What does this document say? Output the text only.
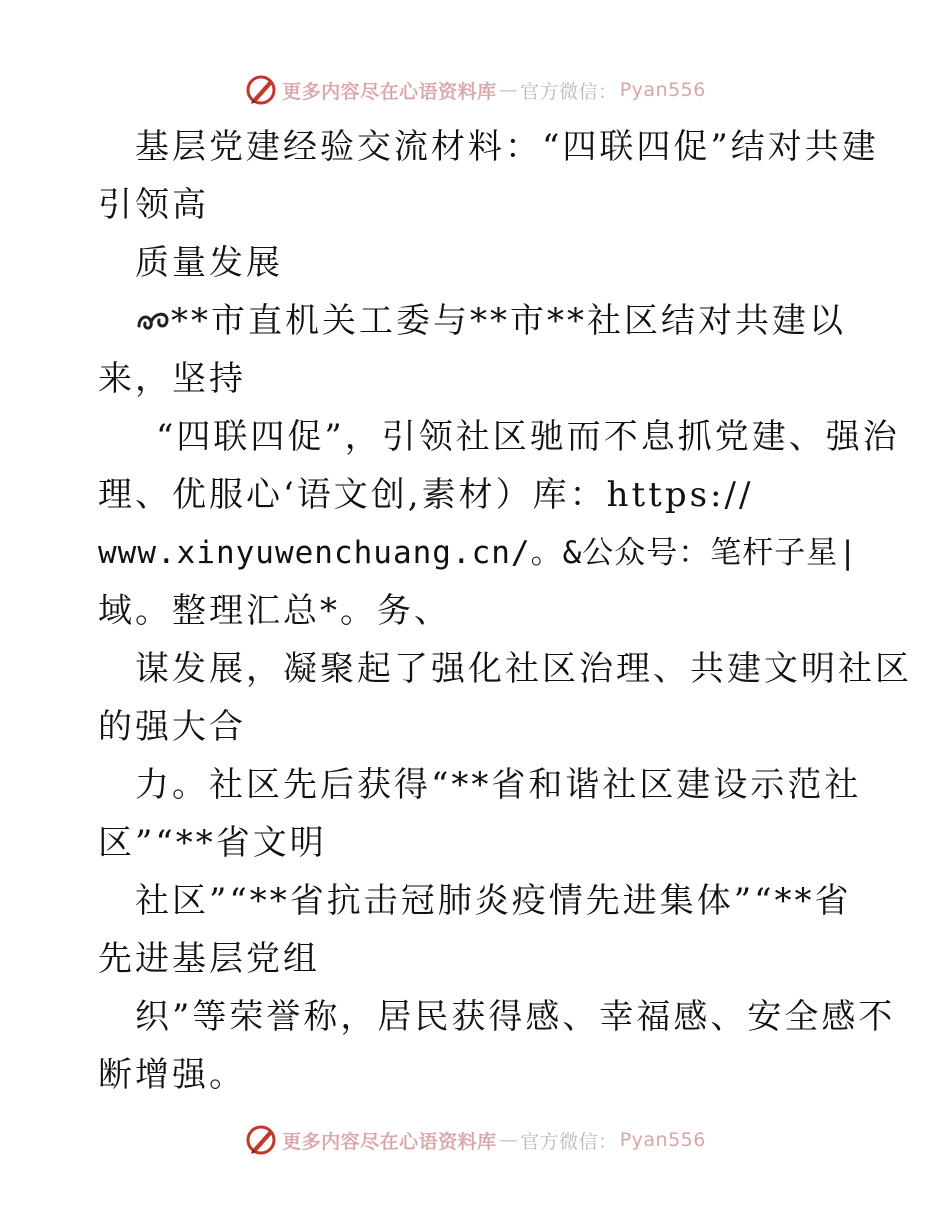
更多内容尽在心语资料库 — 官方微信： Pyan556
基层党建经验交流材料：“四联四促”结对共建
引领高
质量发展
**市直机关工委与**市**社区结对共建以
来，坚持
“四联四促”，引领社区驰而不息抓党建、强治
理、优服心‘语文创,素材）库：https://
www.xinyuwenchuang.cn/。&公众号：笔杆子星|
域。整理汇总*。务、
谋发展，凝聚起了强化社区治理、共建文明社区
的强大合
力。社区先后获得“**省和谐社区建设示范社
区”“**省文明
社区”“**省抗击冠肺炎疫情先进集体”“**省
先进基层党组
织”等荣誉称，居民获得感、幸福感、安全感不
断增强。
更多内容尽在心语资料库 — 官方微信： Pyan556
